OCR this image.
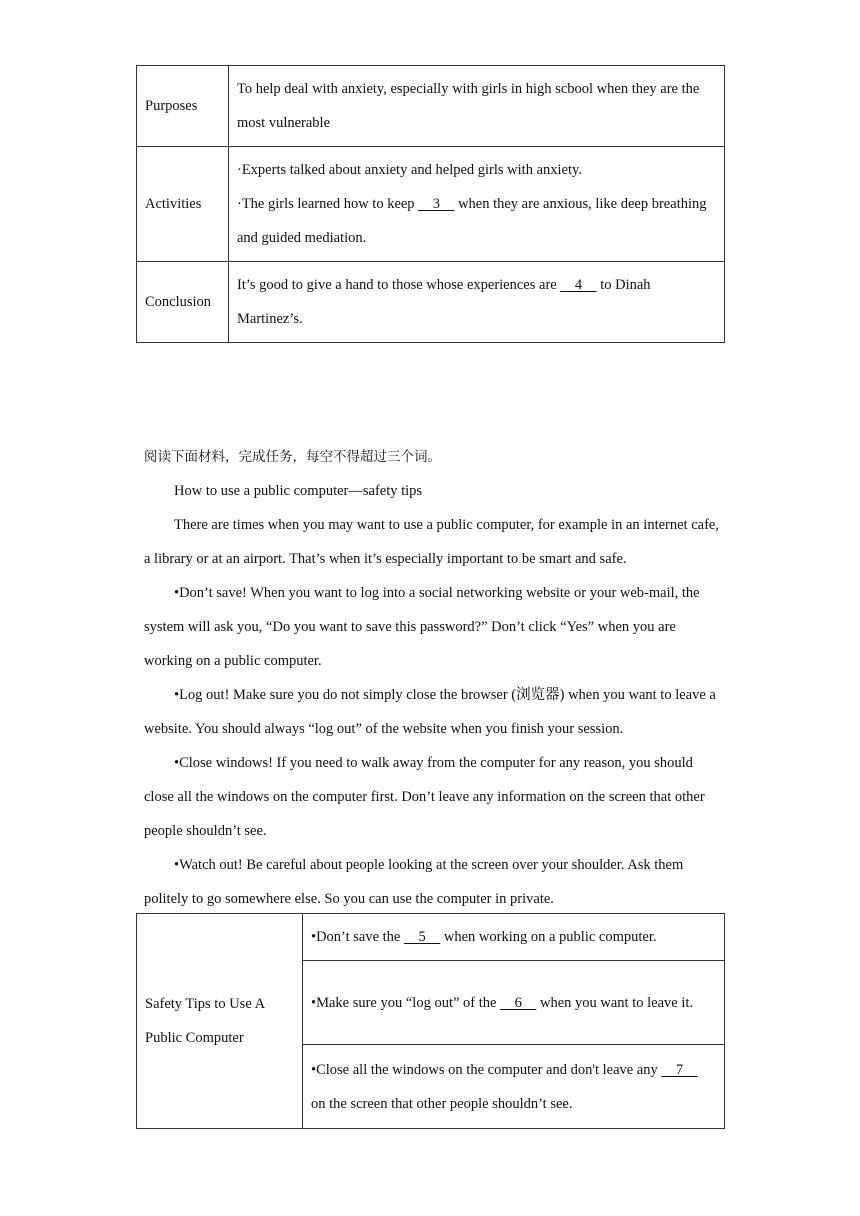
Purposes	To help deal with anxiety, especially with girls in high scbool when they are the most vulnerable
Activities	·Experts talked about anxiety and helped girls with anxiety.
·The girls learned how to keep     3     when they are anxious, like deep breathing and guided mediation.

Conclusion	It’s good to give a hand to those whose experiences are     4     to Dinah Martinez’s.

阅读下面材料，完成任务，每空不得超过三个词。

How to use a public computer—safety tips

There are times when you may want to use a public computer, for example in an internet cafe, a library or at an airport. That’s when it’s especially important to be smart and safe.

•Don’t save! When you want to log into a social networking website or your web-mail, the system will ask you, “Do you want to save this password?” Don’t click “Yes” when you are working on a public computer.

•Log out! Make sure you do not simply close the browser (浏览器) when you want to leave a website. You should always “log out” of the website when you finish your session.

•Close windows! If you need to walk away from the computer for any reason, you should close all the windows on the computer first. Don’t leave any information on the screen that other people shouldn’t see.

•Watch out! Be careful about people looking at the screen over your shoulder. Ask them politely to go somewhere else. So you can use the computer in private.

Safety Tips to Use A Public Computer	•Don’t save the     5     when working on a public computer.
•Make sure you “log out” of the     6     when you want to leave it.
•Close all the windows on the computer and don't leave any     7     on the screen that other people shouldn’t see.
